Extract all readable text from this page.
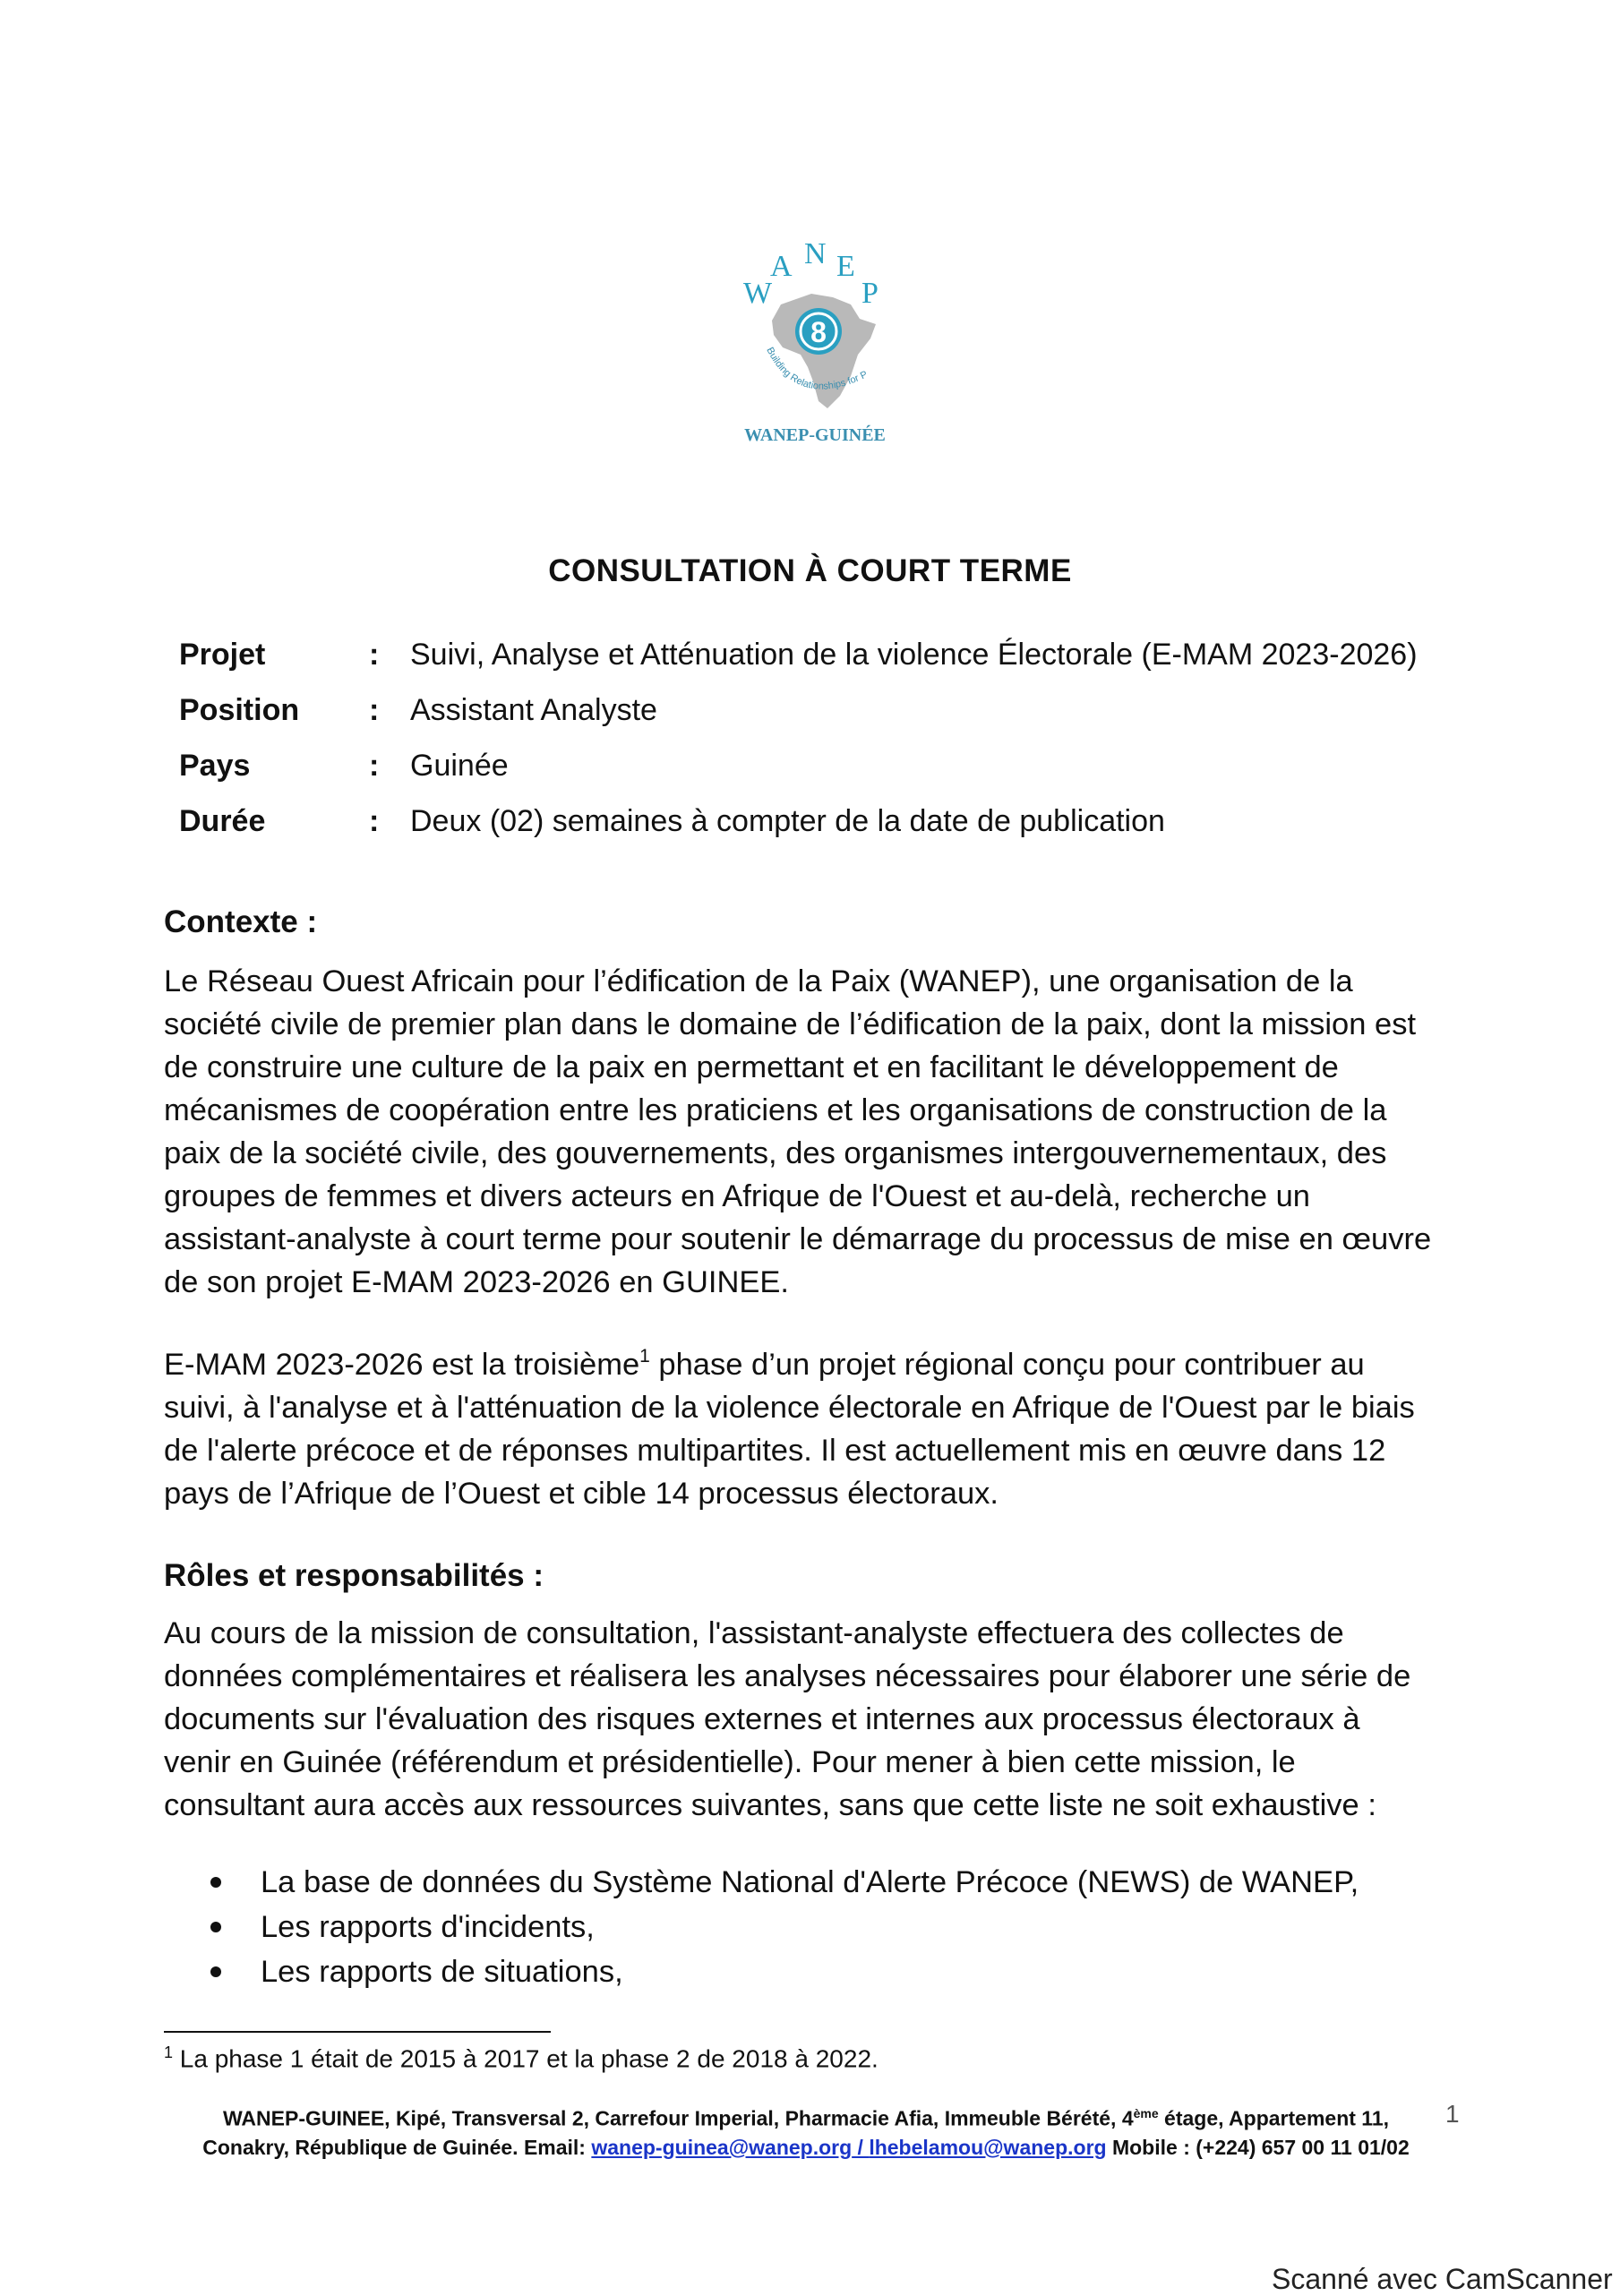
WA N EP
8
Building Relationships for P
WANEP-GUINÉE
CONSULTATION À COURT TERME
Projet	: Suivi, Analyse et Atténuation de la violence Électorale (E-MAM 2023-2026)
Position : Assistant Analyste
Pays	: Guinée
Durée	: Deux (02) semaines à compter de la date de publication
Contexte :
Le Réseau Ouest Africain pour l’édification de la Paix (WANEP), une organisation de la
société civile de premier plan dans le domaine de l’édification de la paix, dont la mission est
de construire une culture de la paix en permettant et en facilitant le développement de
mécanismes de coopération entre les praticiens et les organisations de construction de la
paix de la société civile, des gouvernements, des organismes intergouvernementaux, des
groupes de femmes et divers acteurs en Afrique de l'Ouest et au-delà, recherche un
assistant-analyste à court terme pour soutenir le démarrage du processus de mise en œuvre
de son projet E-MAM 2023-2026 en GUINEE.
E-MAM 2023-2026 est la troisième$^1$ phase d’un projet régional conçu pour contribuer au
suivi, à l'analyse et à l'atténuation de la violence électorale en Afrique de l'Ouest par le biais
de l'alerte précoce et de réponses multipartites. Il est actuellement mis en œuvre dans 12
pays de l’Afrique de l’Ouest et cible 14 processus électoraux.
Rôles et responsabilités :
Au cours de la mission de consultation, l'assistant-analyste effectuera des collectes de
données complémentaires et réalisera les analyses nécessaires pour élaborer une série de
documents sur l'évaluation des risques externes et internes aux processus électoraux à
venir en Guinée (référendum et présidentielle). Pour mener à bien cette mission, le
consultant aura accès aux ressources suivantes, sans que cette liste ne soit exhaustive :
La base de données du Système National d'Alerte Précoce (NEWS) de WANEP,
Les rapports d'incidents,
Les rapports de situations,
$^1$ La phase 1 était de 2015 à 2017 et la phase 2 de 2018 à 2022.
WANEP-GUINEE, Kipé, Transversal 2, Carrefour Imperial, Pharmacie Afia, Immeuble Bérété, 4ème étage, Appartement 11,
Conakry, République de Guinée. Email: wanep-guinea@wanep.org / lhebelamou@wanep.org Mobile : (+224) 657 00 11 01/02
1
Scanné avec CamScanner
